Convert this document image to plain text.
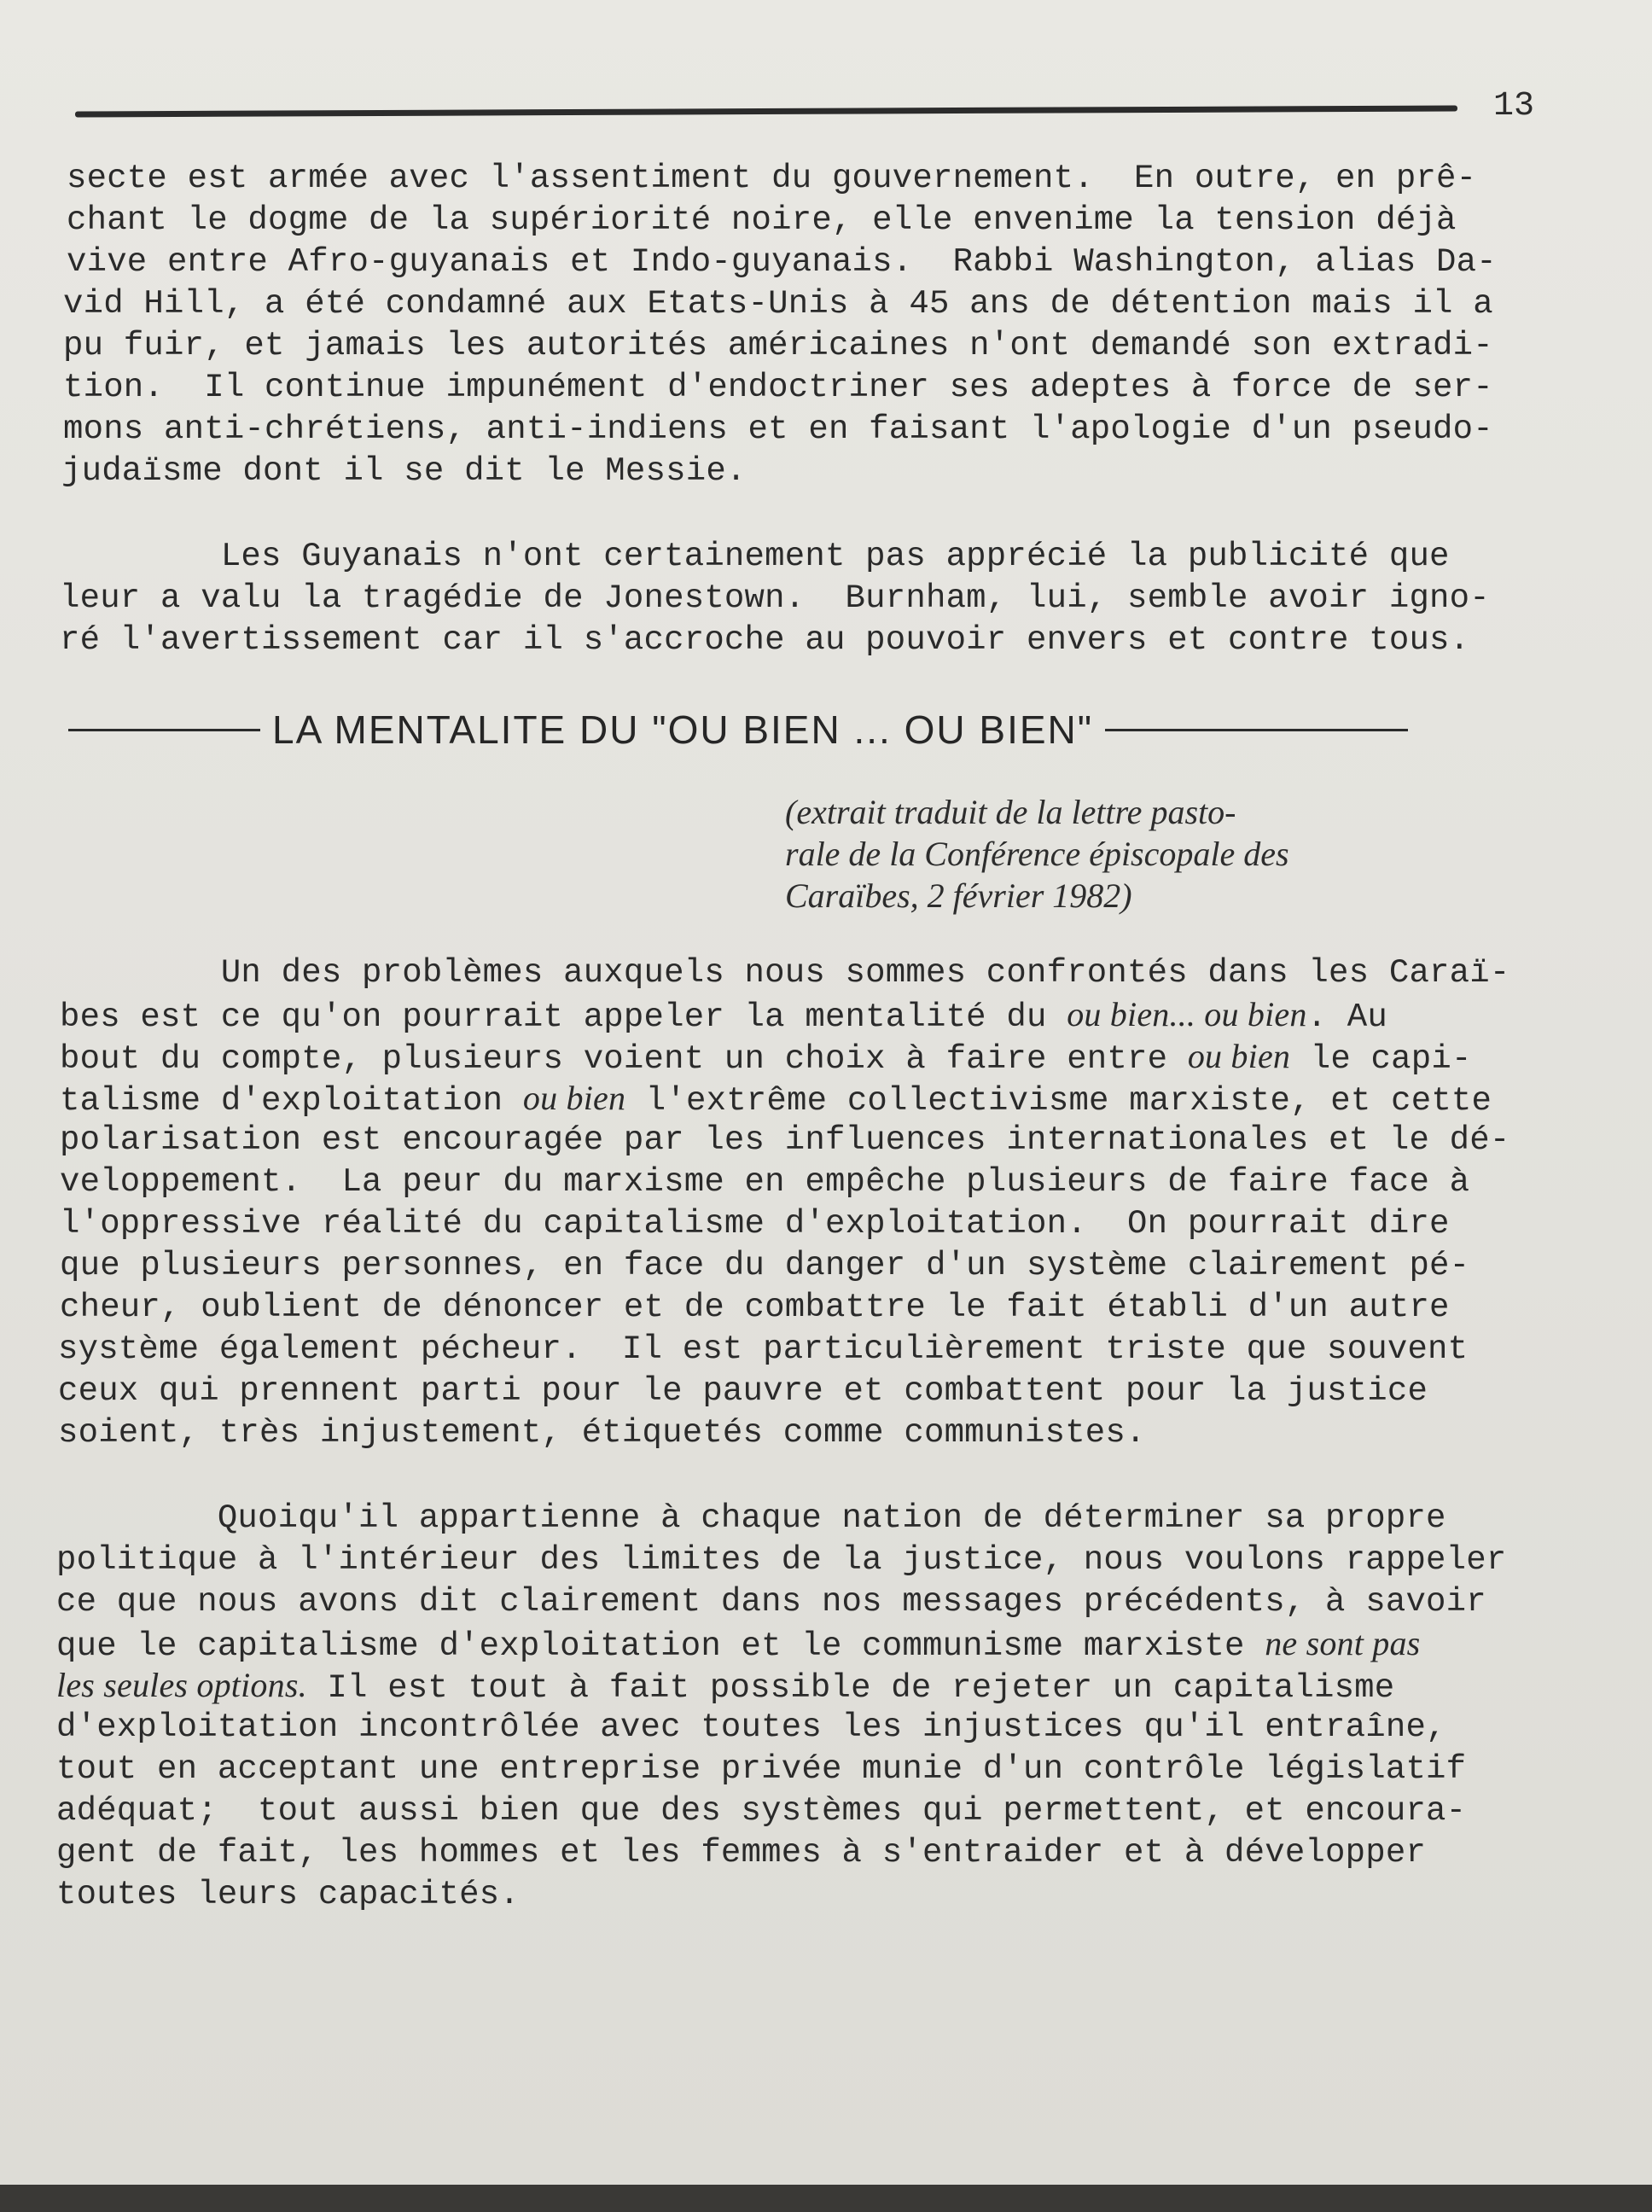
13
secte est armée avec l'assentiment du gouvernement.  En outre, en prê-
chant le dogme de la supériorité noire, elle envenime la tension déjà
vive entre Afro-guyanais et Indo-guyanais.  Rabbi Washington, alias Da-
vid Hill, a été condamné aux Etats-Unis à 45 ans de détention mais il a
pu fuir, et jamais les autorités américaines n'ont demandé son extradi-
tion.  Il continue impunément d'endoctriner ses adeptes à force de ser-
mons anti-chrétiens, anti-indiens et en faisant l'apologie d'un pseudo-
judaïsme dont il se dit le Messie.
Les Guyanais n'ont certainement pas apprécié la publicité que
leur a valu la tragédie de Jonestown.  Burnham, lui, semble avoir igno-
ré l'avertissement car il s'accroche au pouvoir envers et contre tous.
LA MENTALITE DU "OU BIEN ... OU BIEN"
(extrait traduit de la lettre pasto-
rale de la Conférence épiscopale des
Caraïbes, 2 février 1982)
Un des problèmes auxquels nous sommes confrontés dans les Caraï-
bes est ce qu'on pourrait appeler la mentalité du ou bien... ou bien. Au
bout du compte, plusieurs voient un choix à faire entre ou bien le capi-
talisme d'exploitation ou bien l'extrême collectivisme marxiste, et cette
polarisation est encouragée par les influences internationales et le dé-
veloppement.  La peur du marxisme en empêche plusieurs de faire face à
l'oppressive réalité du capitalisme d'exploitation.  On pourrait dire
que plusieurs personnes, en face du danger d'un système clairement pé-
cheur, oublient de dénoncer et de combattre le fait établi d'un autre
système également pécheur.  Il est particulièrement triste que souvent
ceux qui prennent parti pour le pauvre et combattent pour la justice
soient, très injustement, étiquetés comme communistes.
Quoiqu'il appartienne à chaque nation de déterminer sa propre
politique à l'intérieur des limites de la justice, nous voulons rappeler
ce que nous avons dit clairement dans nos messages précédents, à savoir
que le capitalisme d'exploitation et le communisme marxiste ne sont pas
les seules options. Il est tout à fait possible de rejeter un capitalisme
d'exploitation incontrôlée avec toutes les injustices qu'il entraîne,
tout en acceptant une entreprise privée munie d'un contrôle législatif
adéquat;  tout aussi bien que des systèmes qui permettent, et encoura-
gent de fait, les hommes et les femmes à s'entraider et à développer
toutes leurs capacités.
